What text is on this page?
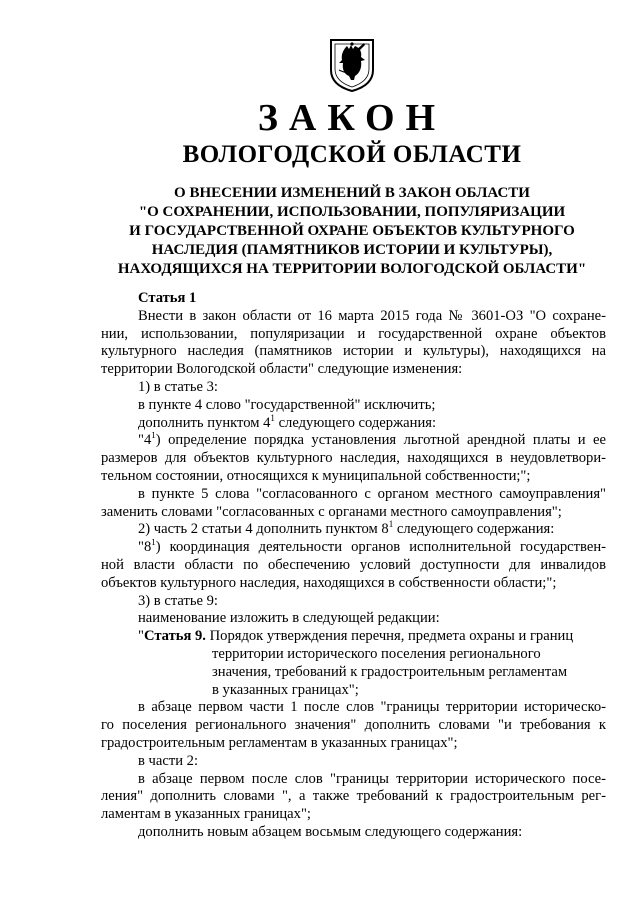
ЗАКОН
ВОЛОГОДСКОЙ ОБЛАСТИ
О ВНЕСЕНИИ ИЗМЕНЕНИЙ В ЗАКОН ОБЛАСТИ
"О СОХРАНЕНИИ, ИСПОЛЬЗОВАНИИ, ПОПУЛЯРИЗАЦИИ
И ГОСУДАРСТВЕННОЙ ОХРАНЕ ОБЪЕКТОВ КУЛЬТУРНОГО
НАСЛЕДИЯ (ПАМЯТНИКОВ ИСТОРИИ И КУЛЬТУРЫ),
НАХОДЯЩИХСЯ НА ТЕРРИТОРИИ ВОЛОГОДСКОЙ ОБЛАСТИ"
Статья 1
Внести в закон области от 16 марта 2015 года № 3601-ОЗ "О сохране-
нии, использовании, популяризации и государственной охране объектов
культурного наследия (памятников истории и культуры), находящихся на
территории Вологодской области" следующие изменения:
1) в статье 3:
в пункте 4 слово "государственной" исключить;
дополнить пунктом $4^1$ следующего содержания:
"$4^1$) определение порядка установления льготной арендной платы и ее
размеров для объектов культурного наследия, находящихся в неудовлетвори-
тельном состоянии, относящихся к муниципальной собственности;";
в пункте 5 слова "согласованного с органом местного самоуправления"
заменить словами "согласованных с органами местного самоуправления";
2) часть 2 статьи 4 дополнить пунктом $8^1$ следующего содержания:
"$8^1$) координация деятельности органов исполнительной государствен-
ной власти области по обеспечению условий доступности для инвалидов
объектов культурного наследия, находящихся в собственности области;";
3) в статье 9:
наименование изложить в следующей редакции:
"Статья 9. Порядок утверждения перечня, предмета охраны и границ
территории исторического поселения регионального
значения, требований к градостроительным регламентам
в указанных границах";
в абзаце первом части 1 после слов "границы территории историческо-
го поселения регионального значения" дополнить словами "и требования к
градостроительным регламентам в указанных границах";
в части 2:
в абзаце первом после слов "границы территории исторического посе-
ления" дополнить словами ", а также требований к градостроительным рег-
ламентам в указанных границах";
дополнить новым абзацем восьмым следующего содержания:
